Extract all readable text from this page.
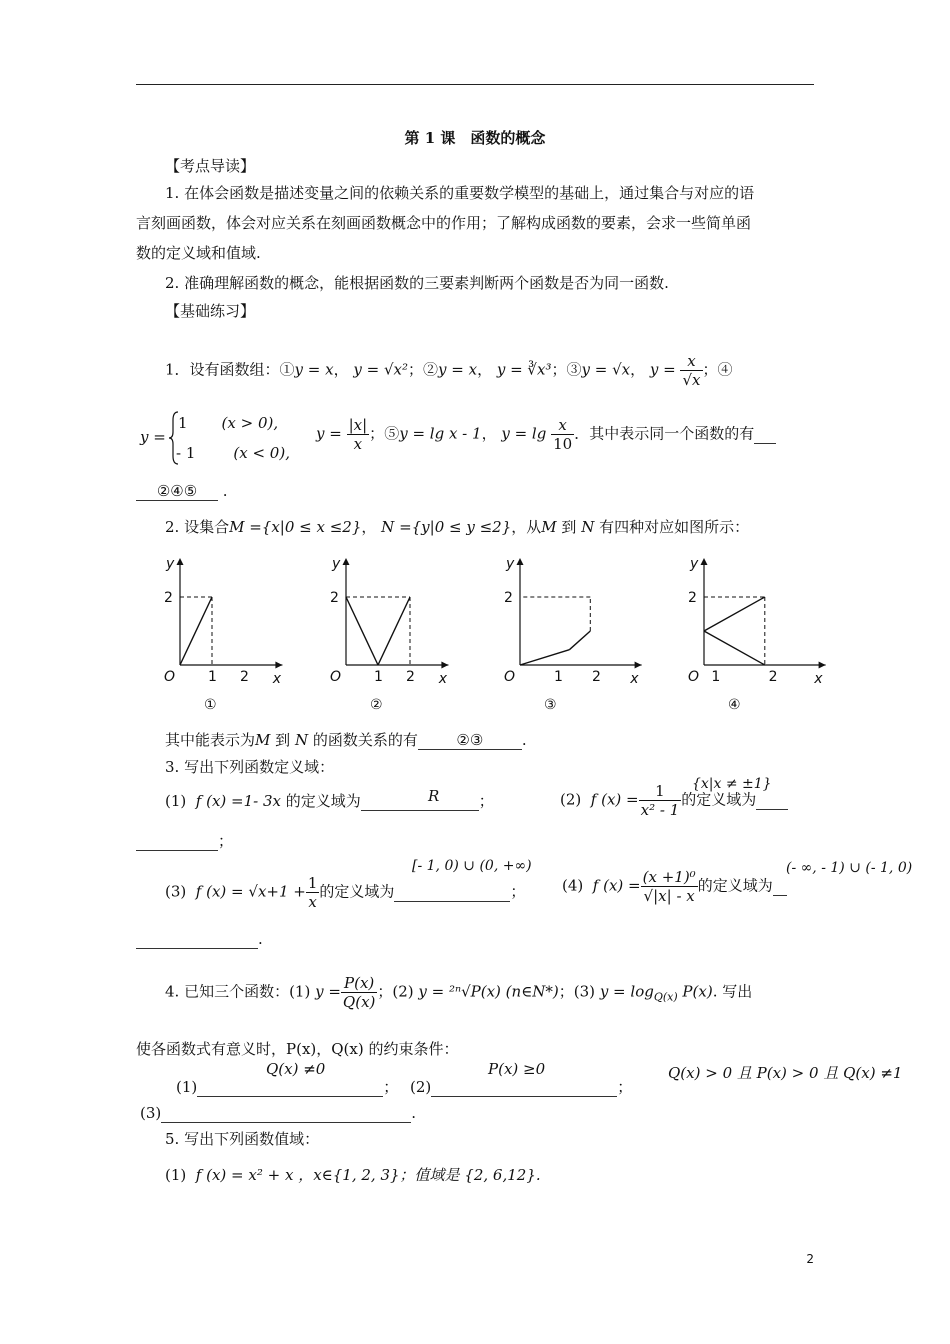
第 1 课　函数的概念
【考点导读】
1. 在体会函数是描述变量之间的依赖关系的重要数学模型的基础上，通过集合与对应的语
言刻画函数，体会对应关系在刻画函数概念中的作用；了解构成函数的要素，会求一些简单函
数的定义域和值域.
2. 准确理解函数的概念，能根据函数的三要素判断两个函数是否为同一函数.
【基础练习】
1．设有函数组：①y = x， y = √x²；②y = x， y = ∛x³；③y = √x， $y = \frac{x}{√x}$ ；④
y =
1 (x > 0),
- 1	(x < 0),
$y = \frac{|x|}{x}$ ；⑤y = lg x - 1， $y = \lg \frac{x}{10}$ ．其中表示同一个函数的有
②④⑤ .
2. 设集合M ={x|0 ≤ x ≤2}， N ={y|0 ≤ y ≤2}，从M 到 N 有四种对应如图所示：
y
2
O 1 2 x
①
y
2
O 1 2 x
②
y
2
O	1 2 x
③
y
2
O 1	2	x
④
其中能表示为M 到 N 的函数关系的有	②③	.
3. 写出下列函数定义域：
(1) f (x) =1- 3x 的定义域为	；
R	(2) f $(x) = \frac{1}{\text{x² - 1}}$ 的定义域为
{x|x ≠ ±1}
；
(3) f $(x) = √x+1 + \frac{1}{x}$ 的定义域为	；
[- 1, 0) ∪ (0, +∞)
(4) f $(x) = \frac{\text{(x +1)⁰}}{√|x| - x}$ 的定义域为
(- ∞, - 1) ∪ (- 1, 0)
.
4. 已知三个函数：(1) $y = \frac{P(x)}{Q(x)}$ ；(2) y = ²ⁿ√P(x) (n∈N*)；(3) $y = \log_{Q(x)} P(x)$. 写出
使各函数式有意义时，P(x)，Q(x) 的约束条件：
(1)	；
Q(x) ≠0
(2)	；
P(x) ≥0	Q(x) > 0 且 P(x) > 0 且 Q(x) ≠1
(3)	.
5. 写出下列函数值域：
(1) f (x) = x² + x ，x∈{1, 2, 3}；值域是 {2, 6,12}.
2
